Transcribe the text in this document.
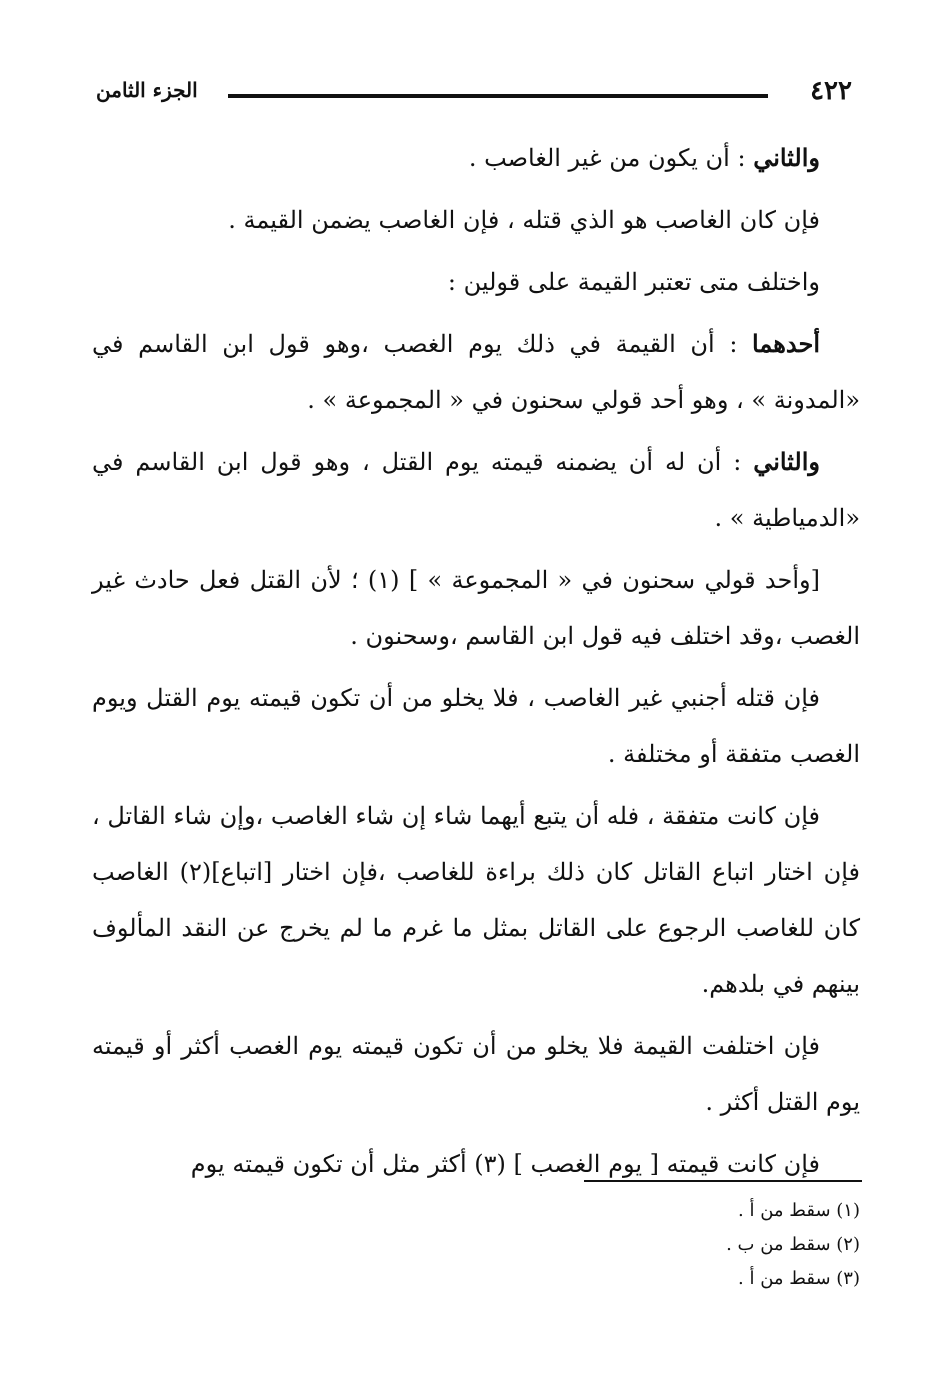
٤٢٢
الجزء الثامن

والثاني : أن يكون من غير الغاصب .

فإن كان الغاصب هو الذي قتله ، فإن الغاصب يضمن القيمة .

واختلف متى تعتبر القيمة على قولين :

أحدهما : أن القيمة في ذلك يوم الغصب ،وهو قول ابن القاسم في «المدونة » ، وهو أحد قولي سحنون في « المجموعة » .

والثاني : أن له أن يضمنه قيمته يوم القتل ، وهو قول ابن القاسم في «الدمياطية » .

[وأحد قولي سحنون في « المجموعة » ] (١) ؛ لأن القتل فعل حادث غير الغصب ،وقد اختلف فيه قول ابن القاسم ،وسحنون .

فإن قتله أجنبي غير الغاصب ، فلا يخلو من أن تكون قيمته يوم القتل ويوم الغصب متفقة أو مختلفة .

فإن كانت متفقة ، فله أن يتبع أيهما شاء إن شاء الغاصب ،وإن شاء القاتل ، فإن اختار اتباع القاتل كان ذلك براءة للغاصب ،فإن اختار [اتباع](٢) الغاصب كان للغاصب الرجوع على القاتل بمثل ما غرم ما لم يخرج عن النقد المألوف بينهم في بلدهم.

فإن اختلفت القيمة فلا يخلو من أن تكون قيمته يوم الغصب أكثر أو قيمته يوم القتل أكثر .

فإن كانت قيمته [ يوم الغصب ] (٣) أكثر مثل أن تكون قيمته يوم

(١) سقط من أ .

(٢) سقط من ب .

(٣) سقط من أ .
